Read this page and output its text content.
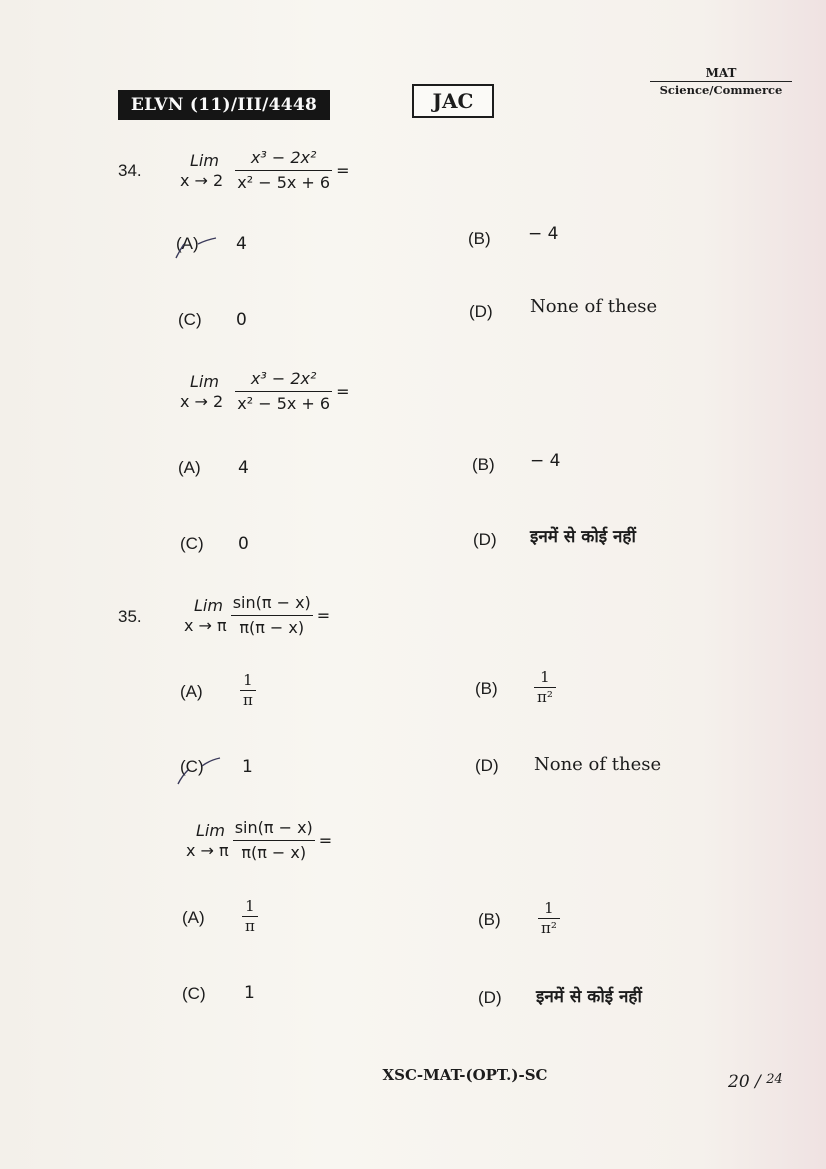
ELVN (11)/III/4448	JAC
MAT
Science/Commerce
34.
Lim
$x \to 2 \frac{\text{x³ − 2x²}}{\text{x² − 5x + 6}}$ =
(A) 4	(B) − 4
(C) 0	(D) None of these
Lim
$x \to 2 \frac{\text{x³ − 2x²}}{\text{x² − 5x + 6}}$ =
(A) 4	(B) − 4
(C) 0	(D) इनमें से कोई नहीं
35.
Lim
x → π $\frac{\sin(\pi - x)}{\pi(\pi - x)}$ =
$(A) \frac{1}{\pi}$	$(B) \frac{1}{\text{π²}}$
(C) 1	(D) None of these
Lim
x → π $\frac{\sin(\pi - x)}{\pi(\pi - x)}$ =
$(A) \frac{1}{\pi}$	$(B) \frac{1}{\text{π²}}$
(C) 1	(D) इनमें से कोई नहीं
XSC-MAT-(OPT.)-SC	20 / $^{24}$
